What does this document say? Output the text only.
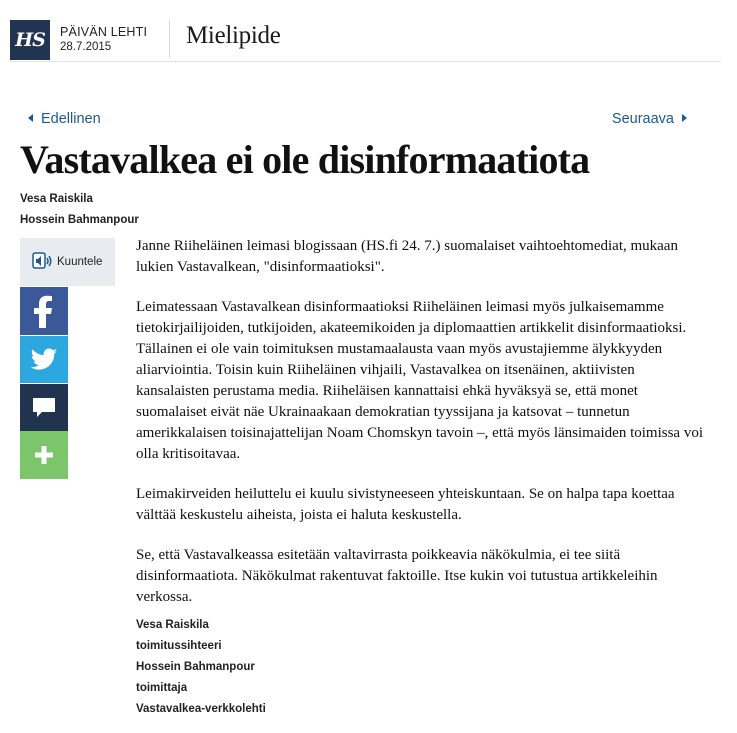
HS	PÄIVÄN LEHTI
28.7.2015	Mielipide
Edellinen	Seuraava
Vastavalkea ei ole disinformaatiota
Vesa Raiskila
Hossein Bahmanpour
Kuuntele

Janne Riiheläinen leimasi blogissaan (HS.fi 24. 7.) suomalaiset vaihtoehtomediat, mukaan lukien Vastavalkean, "disinformaatioksi".

Leimatessaan Vastavalkean disinformaatioksi Riiheläinen leimasi myös julkaisemamme tietokirjailijoiden, tutkijoiden, akateemikoiden ja diplomaattien artikkelit disinformaatioksi. Tällainen ei ole vain toimituksen mustamaalausta vaan myös avustajiemme älykkyyden aliarviointia. Toisin kuin Riiheläinen vihjaili, Vastavalkea on itsenäinen, aktiivisten kansalaisten perustama media. Riiheläisen kannattaisi ehkä hyväksyä se, että monet suomalaiset eivät näe Ukrainaakaan demokratian tyyssijana ja katsovat – tunnetun amerikkalaisen toisinajattelijan Noam Chomskyn tavoin –, että myös länsimaiden toimissa voi olla kritisoitavaa.

Leimakirveiden heiluttelu ei kuulu sivistyneeseen yhteiskuntaan. Se on halpa tapa koettaa välttää keskustelu aiheista, joista ei haluta keskustella.

Se, että Vastavalkeassa esitetään valtavirrasta poikkeavia näkökulmia, ei tee siitä disinformaatiota. Näkökulmat rakentuvat faktoille. Itse kukin voi tutustua artikkeleihin verkossa.

Vesa Raiskila
toimitussihteeri
Hossein Bahmanpour
toimittaja
Vastavalkea-verkkolehti
